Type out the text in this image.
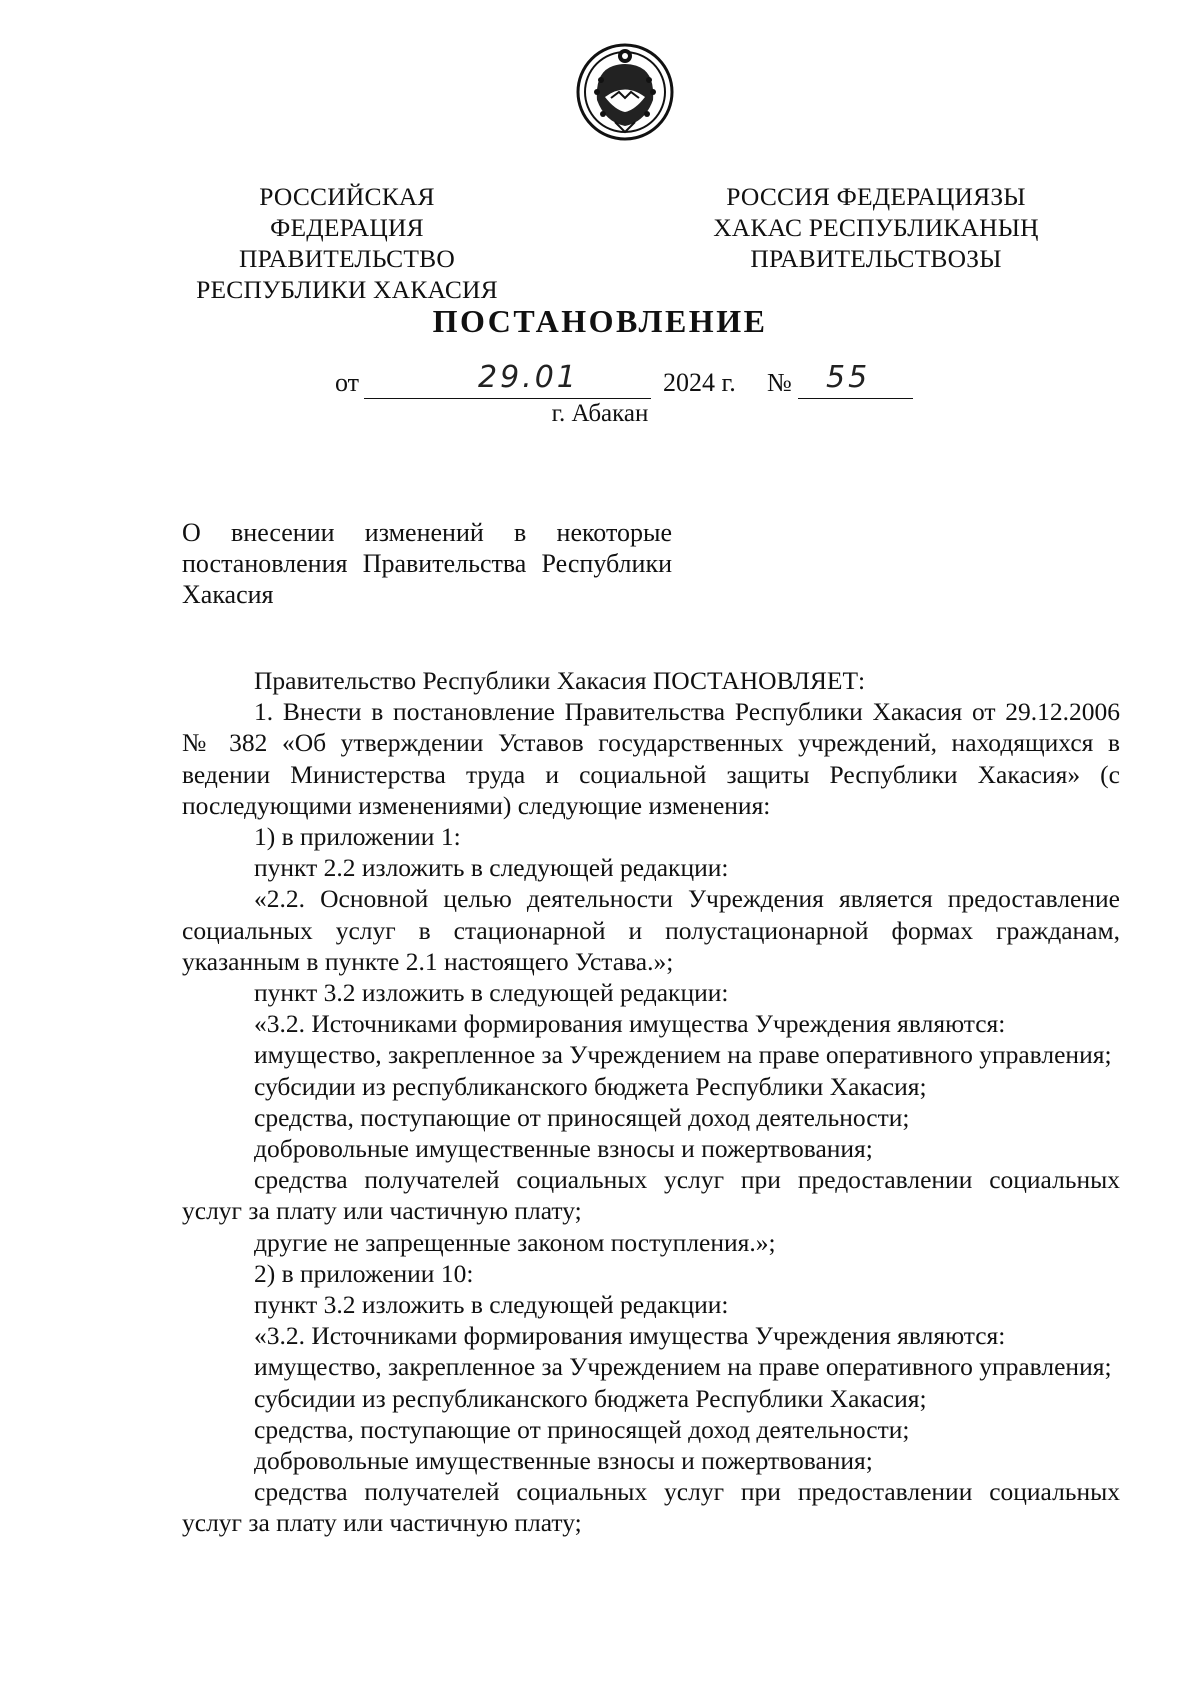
РОССИЙСКАЯ ФЕДЕРАЦИЯ
ПРАВИТЕЛЬСТВО
РЕСПУБЛИКИ ХАКАСИЯ
РОССИЯ ФЕДЕРАЦИЯЗЫ
ХАКАС РЕСПУБЛИКАНЫҢ
ПРАВИТЕЛЬСТВОЗЫ
ПОСТАНОВЛЕНИЕ
от	29.01	2024 г. № 55
г. Абакан
О внесении изменений в некоторые
постановления Правительства Республики
Хакасия

Правительство Республики Хакасия ПОСТАНОВЛЯЕТ:

1. Внести в постановление Правительства Республики Хакасия от 29.12.2006 № 382 «Об утверждении Уставов государственных учреждений, находящихся в ведении Министерства труда и социальной защиты Республики Хакасия» (с последующими изменениями) следующие изменения:

1) в приложении 1:

пункт 2.2 изложить в следующей редакции:

«2.2. Основной целью деятельности Учреждения является предоставление социальных услуг в стационарной и полустационарной формах гражданам, указанным в пункте 2.1 настоящего Устава.»;

пункт 3.2 изложить в следующей редакции:

«3.2. Источниками формирования имущества Учреждения являются:

имущество, закрепленное за Учреждением на праве оперативного управления;

субсидии из республиканского бюджета Республики Хакасия;

средства, поступающие от приносящей доход деятельности;

добровольные имущественные взносы и пожертвования;

средства получателей социальных услуг при предоставлении социальных услуг за плату или частичную плату;

другие не запрещенные законом поступления.»;

2) в приложении 10:

пункт 3.2 изложить в следующей редакции:

«3.2. Источниками формирования имущества Учреждения являются:

имущество, закрепленное за Учреждением на праве оперативного управления;

субсидии из республиканского бюджета Республики Хакасия;

средства, поступающие от приносящей доход деятельности;

добровольные имущественные взносы и пожертвования;

средства получателей социальных услуг при предоставлении социальных услуг за плату или частичную плату;
